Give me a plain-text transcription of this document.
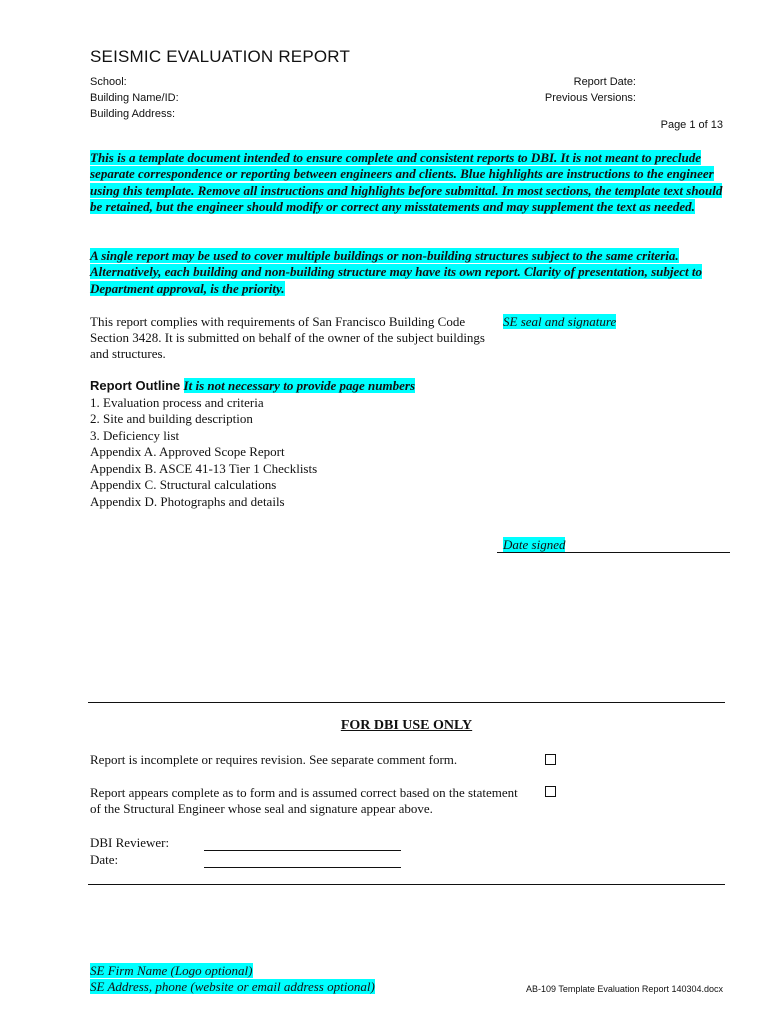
SEISMIC EVALUATION REPORT
School:
Building Name/ID:
Building Address:
Report Date:
Previous Versions:
Page 1 of 13
This is a template document intended to ensure complete and consistent reports to DBI. It is not meant to preclude separate correspondence or reporting between engineers and clients. Blue highlights are instructions to the engineer using this template. Remove all instructions and highlights before submittal. In most sections, the template text should be retained, but the engineer should modify or correct any misstatements and may supplement the text as needed.
A single report may be used to cover multiple buildings or non-building structures subject to the same criteria. Alternatively, each building and non-building structure may have its own report. Clarity of presentation, subject to Department approval, is the priority.
This report complies with requirements of San Francisco Building Code Section 3428. It is submitted on behalf of the owner of the subject buildings and structures.
SE seal and signature
Report Outline It is not necessary to provide page numbers
1. Evaluation process and criteria
2. Site and building description
3. Deficiency list
Appendix A. Approved Scope Report
Appendix B. ASCE 41-13 Tier 1 Checklists
Appendix C. Structural calculations
Appendix D. Photographs and details
Date signed
FOR DBI USE ONLY
Report is incomplete or requires revision. See separate comment form.
Report appears complete as to form and is assumed correct based on the statement of the Structural Engineer whose seal and signature appear above.
DBI Reviewer:
Date:
SE Firm Name (Logo optional)
SE Address, phone (website or email address optional)	AB-109 Template Evaluation Report 140304.docx
